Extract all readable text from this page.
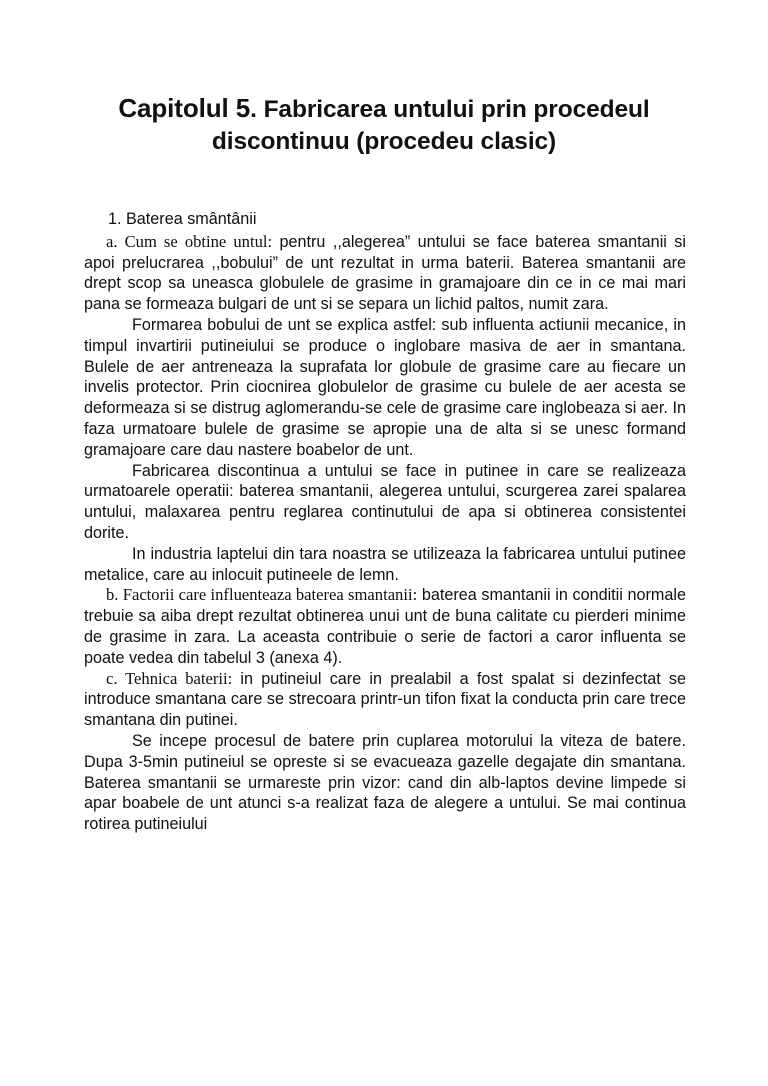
Capitolul 5. Fabricarea untului prin procedeul discontinuu (procedeu clasic)

1. Baterea smântânii

a. Cum se obtine untul: pentru ,,alegerea” untului se face baterea smantanii si apoi prelucrarea ,,bobului” de unt rezultat in urma baterii. Baterea smantanii are drept scop sa uneasca globulele de grasime in gramajoare din ce in ce mai mari pana se formeaza bulgari de unt si se separa un lichid paltos, numit zara.

Formarea bobului de unt se explica astfel: sub influenta actiunii mecanice, in timpul invartirii putineiului se produce o inglobare masiva de aer in smantana. Bulele de aer antreneaza la suprafata lor globule de grasime care au fiecare un invelis protector. Prin ciocnirea globulelor de grasime cu bulele de aer acesta se deformeaza si se distrug aglomerandu-se cele de grasime care inglobeaza si aer. In faza urmatoare bulele de grasime se apropie una de alta si se unesc formand gramajoare care dau nastere boabelor de unt.

Fabricarea discontinua a untului se face in putinee in care se realizeaza urmatoarele operatii: baterea smantanii, alegerea untului, scurgerea zarei spalarea untului, malaxarea pentru reglarea continutului de apa si obtinerea consistentei dorite.

In industria laptelui din tara noastra se utilizeaza la fabricarea untului putinee metalice, care au inlocuit putineele de lemn.

b. Factorii care influenteaza baterea smantanii: baterea smantanii in conditii normale trebuie sa aiba drept rezultat obtinerea unui unt de buna calitate cu pierderi minime de grasime in zara. La aceasta contribuie o serie de factori a caror influenta se poate vedea din tabelul 3 (anexa 4).

c. Tehnica baterii: in putineiul care in prealabil a fost spalat si dezinfectat se introduce smantana care se strecoara printr-un tifon fixat la conducta prin care trece smantana din putinei.

Se incepe procesul de batere prin cuplarea motorului la viteza de batere. Dupa 3-5min putineiul se opreste si se evacueaza gazelle degajate din smantana. Baterea smantanii se urmareste prin vizor: cand din alb-laptos devine limpede si apar boabele de unt atunci s-a realizat faza de alegere a untului. Se mai continua rotirea putineiului
